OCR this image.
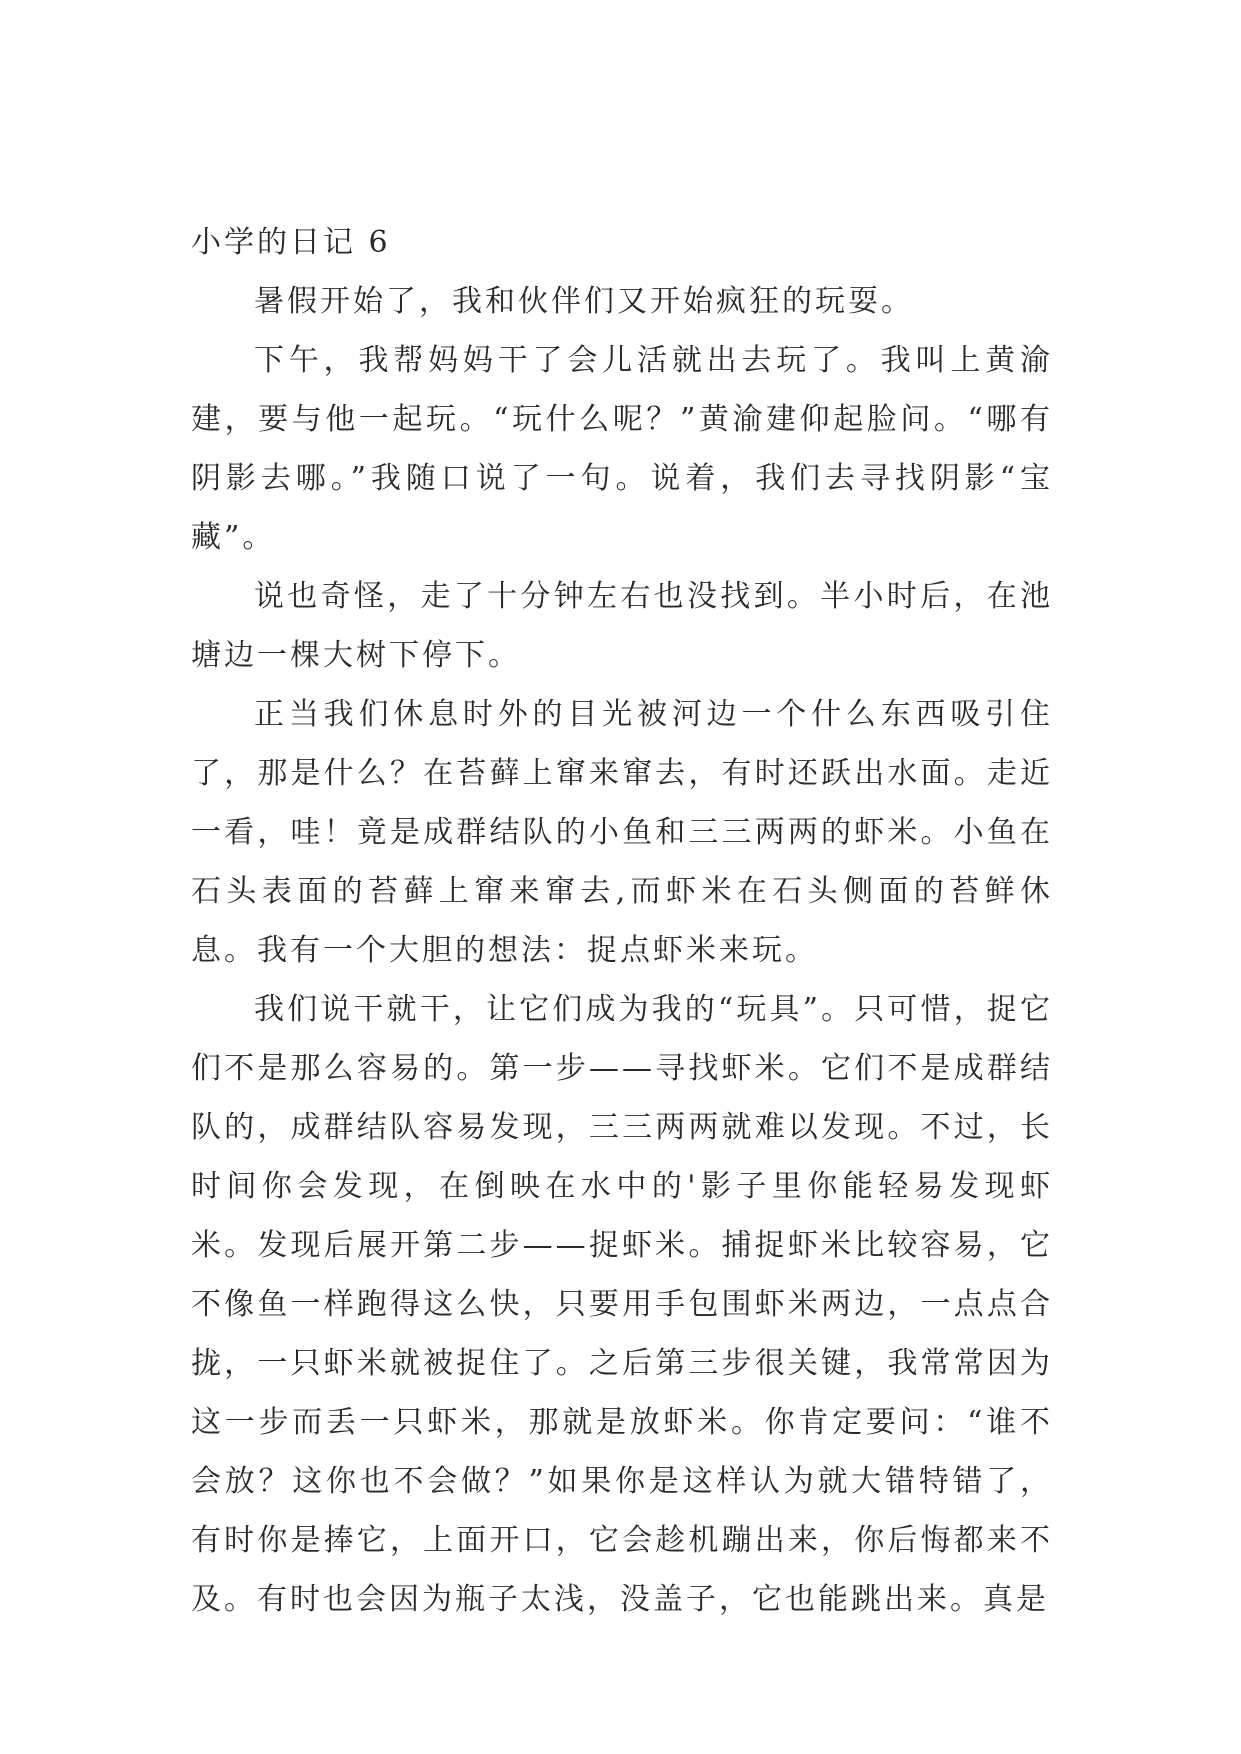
小学的日记 6

暑假开始了，我和伙伴们又开始疯狂的玩耍。

下午，我帮妈妈干了会儿活就出去玩了。我叫上黄渝建，要与他一起玩。“玩什么呢？”黄渝建仰起脸问。“哪有阴影去哪。”我随口说了一句。说着，我们去寻找阴影“宝藏”。

说也奇怪，走了十分钟左右也没找到。半小时后，在池塘边一棵大树下停下。

正当我们休息时外的目光被河边一个什么东西吸引住了，那是什么？在苔藓上窜来窜去，有时还跃出水面。走近一看，哇！竟是成群结队的小鱼和三三两两的虾米。小鱼在石头表面的苔藓上窜来窜去,而虾米在石头侧面的苔鲜休息。我有一个大胆的想法：捉点虾米来玩。

我们说干就干，让它们成为我的“玩具”。只可惜，捉它们不是那么容易的。第一步——寻找虾米。它们不是成群结队的，成群结队容易发现，三三两两就难以发现。不过，长时间你会发现，在倒映在水中的'影子里你能轻易发现虾米。发现后展开第二步——捉虾米。捕捉虾米比较容易，它不像鱼一样跑得这么快，只要用手包围虾米两边，一点点合拢，一只虾米就被捉住了。之后第三步很关键，我常常因为这一步而丢一只虾米，那就是放虾米。你肯定要问：“谁不会放？这你也不会做？”如果你是这样认为就大错特错了，有时你是捧它，上面开口，它会趁机蹦出来，你后悔都来不及。有时也会因为瓶子太浅，没盖子，它也能跳出来。真是
